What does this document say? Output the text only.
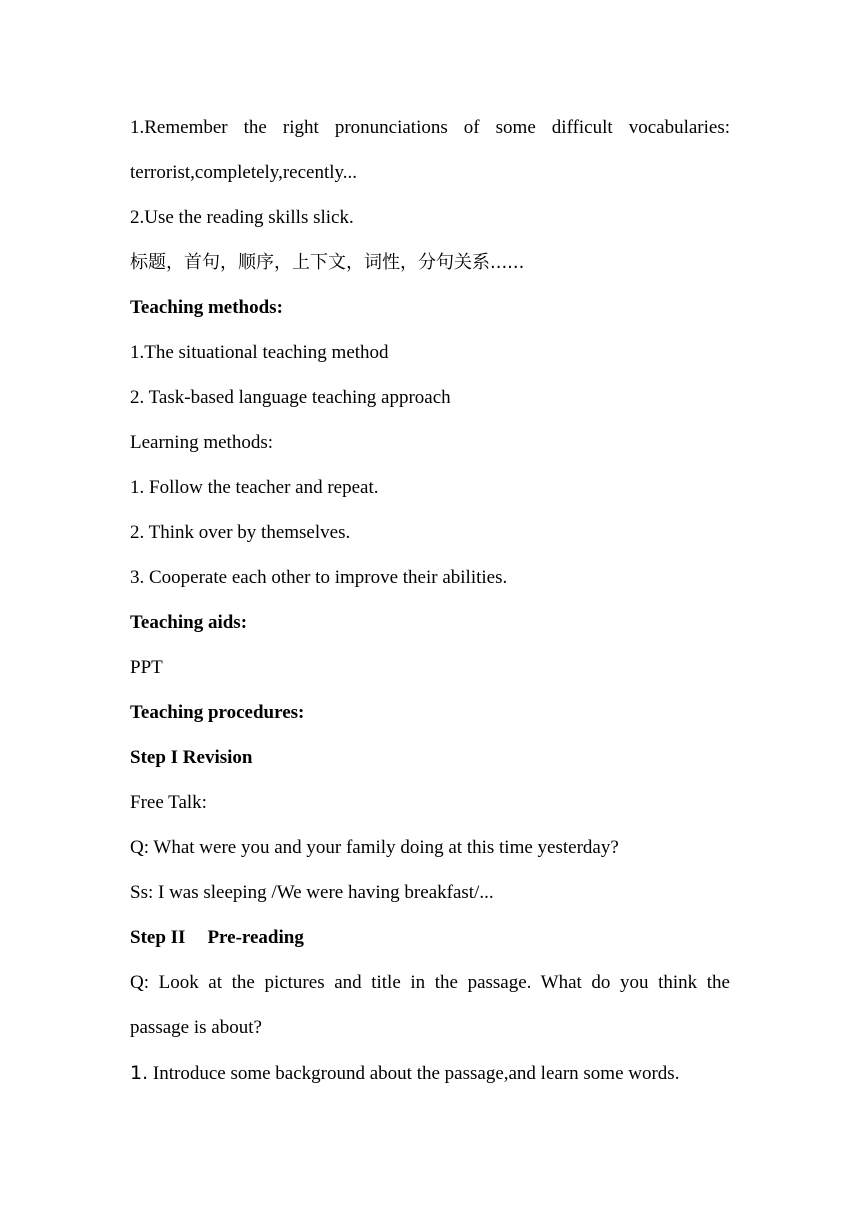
1.Remember the right pronunciations of some difficult vocabularies:
terrorist,completely,recently...
2.Use the reading skills slick.
标题，首句，顺序，上下文，词性，分句关系......
Teaching methods:
1.The situational teaching method
2. Task-based language teaching approach
Learning methods:
1. Follow the teacher and repeat.
2. Think over by themselves.
3. Cooperate each other to improve their abilities.
Teaching aids:
PPT
Teaching procedures:
Step I Revision
Free Talk:
Q: What were you and your family doing at this time yesterday?
Ss: I was sleeping /We were having breakfast/...
Step II Pre-reading
Q: Look at the pictures and title in the passage. What do you think the
passage is about?
1. Introduce some background about the passage,and learn some words.
